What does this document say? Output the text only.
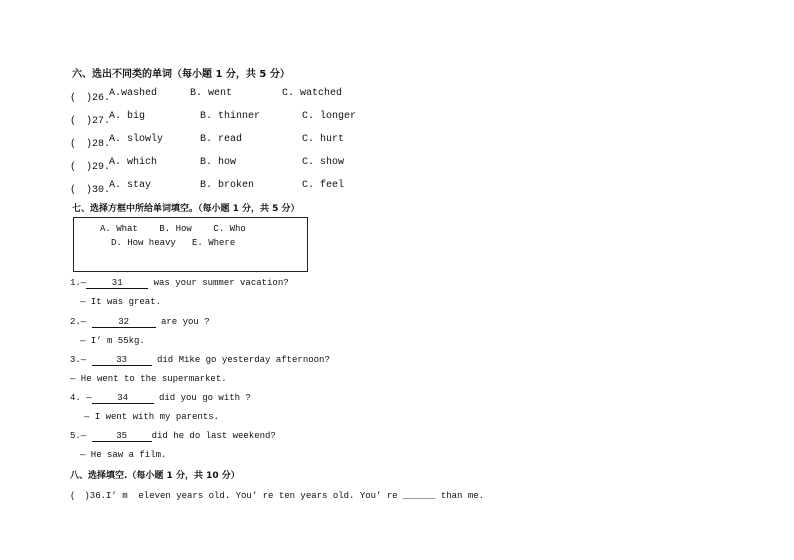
六、选出不同类的单词（每小题 1 分，共 5 分）
(　)26.
A.washed	B. went	C. watched
(　)27.
A. big	B. thinner	C. longer
(　)28.
A. slowly	B. read	C. hurt
(　)29.
A. which	B. how	C. show
(　)30.
A. stay	B. broken	C. feel
七、选择方框中所给单词填空。（每小题 1 分，共 5 分）
A. What    B. How    C. Who
D. How heavy   E. Where
1.—	31	was your summer vacation?
— It was great.
2.—	32	are you ?
— I’ m 55kg.
3.—	33	did Mike go yesterday afternoon?
— He went to the supermarket.
4. —	34	did you go with ?
— I went with my parents.
5.—	35	did he do last weekend?
— He saw a film.
八、选择填空.（每小题 1 分，共 10 分）
(　)36.I’ m  eleven years old. You’ re ten years old. You’ re ______ than me.
